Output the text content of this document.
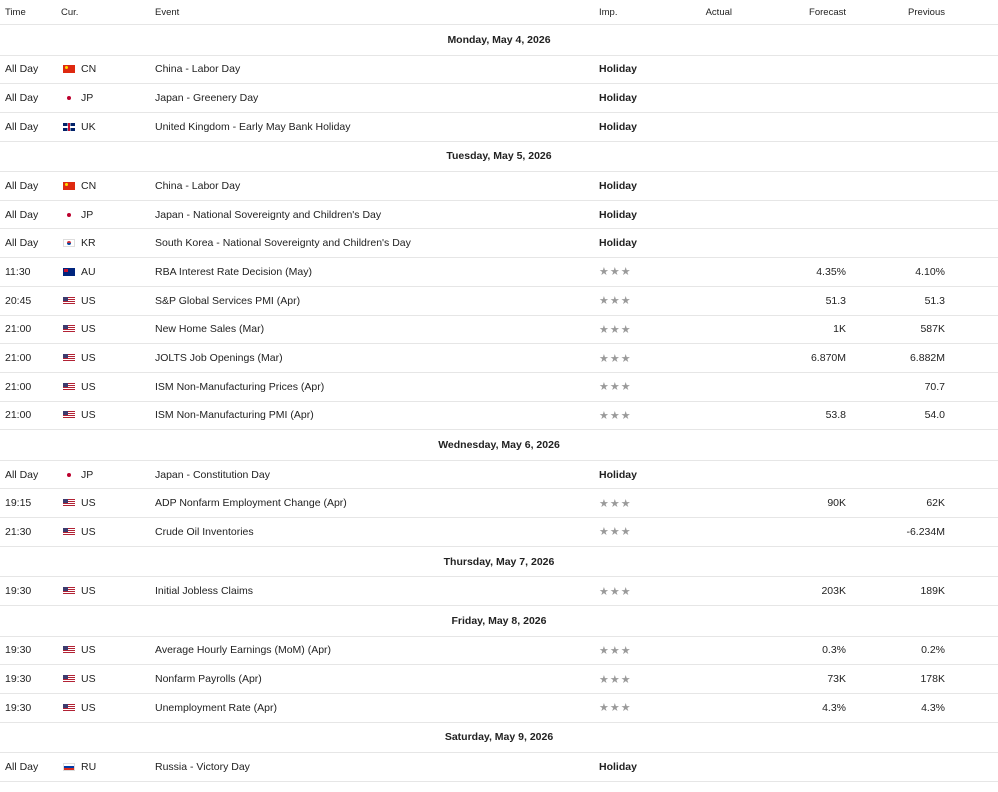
Time	Cur.	Event	Imp.	Actual	Forecast	Previous	
Monday, May 4, 2026							
All Day	CN	China - Labor Day	Holiday				
All Day	JP	Japan - Greenery Day	Holiday				
All Day	UK	United Kingdom - Early May Bank Holiday	Holiday				
Tuesday, May 5, 2026							
All Day	CN	China - Labor Day	Holiday				
All Day	JP	Japan - National Sovereignty and Children's Day	Holiday				
All Day	KR	South Korea - National Sovereignty and Children's Day	Holiday				
11:30	AU	RBA Interest Rate Decision (May)	★★★		4.35%	4.10%	
20:45	US	S&P Global Services PMI (Apr)	★★★		51.3	51.3	
21:00	US	New Home Sales (Mar)	★★★		1K	587K	
21:00	US	JOLTS Job Openings (Mar)	★★★		6.870M	6.882M	
21:00	US	ISM Non-Manufacturing Prices (Apr)	★★★			70.7	
21:00	US	ISM Non-Manufacturing PMI (Apr)	★★★		53.8	54.0	
Wednesday, May 6, 2026							
All Day	JP	Japan - Constitution Day	Holiday				
19:15	US	ADP Nonfarm Employment Change (Apr)	★★★		90K	62K	
21:30	US	Crude Oil Inventories	★★★			-6.234M	
Thursday, May 7, 2026							
19:30	US	Initial Jobless Claims	★★★		203K	189K	
Friday, May 8, 2026							
19:30	US	Average Hourly Earnings (MoM) (Apr)	★★★		0.3%	0.2%	
19:30	US	Nonfarm Payrolls (Apr)	★★★		73K	178K	
19:30	US	Unemployment Rate (Apr)	★★★		4.3%	4.3%	
Saturday, May 9, 2026							
All Day	RU	Russia - Victory Day	Holiday				
